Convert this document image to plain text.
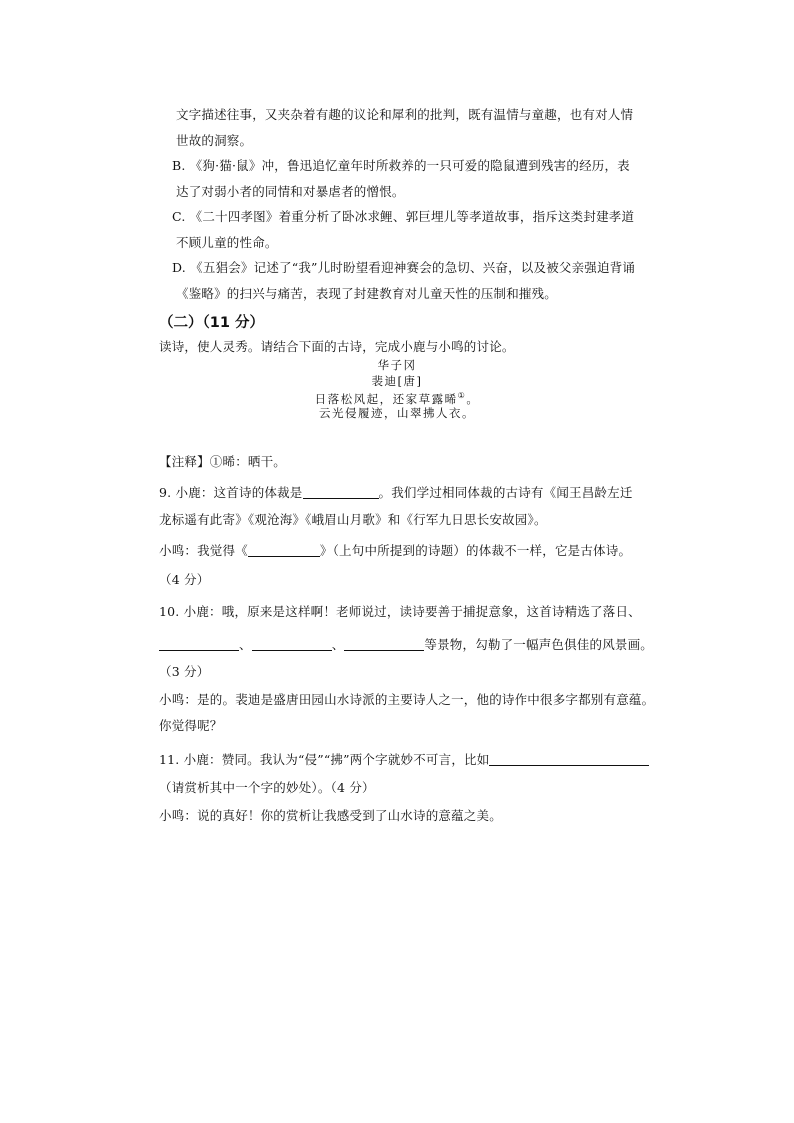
文字描述往事，又夹杂着有趣的议论和犀利的批判，既有温情与童趣，也有对人情
世故的洞察。
B. 《狗·猫·鼠》冲，鲁迅追忆童年时所救养的一只可爱的隐鼠遭到残害的经历，表
达了对弱小者的同情和对暴虐者的憎恨。
C. 《二十四孝图》着重分析了卧冰求鲤、郭巨埋儿等孝道故事，指斥这类封建孝道
不顾儿童的性命。
D. 《五猖会》记述了“我”儿时盼望看迎神赛会的急切、兴奋，以及被父亲强迫背诵
《鉴略》的扫兴与痛苦，表现了封建教育对儿童天性的压制和摧残。
（二）（11 分）
读诗，使人灵秀。请结合下面的古诗，完成小鹿与小鸣的讨论。
华子冈
裴迪[唐]
日落松风起，还家草露晞①。
云光侵履迹，山翠拂人衣。
【注释】①晞：晒干。
9. 小鹿：这首诗的体裁是	。我们学过相同体裁的古诗有《闻王昌龄左迁
龙标遥有此寄》《观沧海》《峨眉山月歌》和《行军九日思长安故园》。
小鸣：我觉得《	》（上句中所提到的诗题）的体裁不一样，它是古体诗。
（4 分）
10. 小鹿：哦，原来是这样啊！老师说过，读诗要善于捕捉意象，这首诗精选了落日、
、	、	等景物，勾勒了一幅声色俱佳的风景画。
（3 分）
小鸣：是的。裴迪是盛唐田园山水诗派的主要诗人之一，他的诗作中很多字都别有意蕴。
你觉得呢？
11. 小鹿：赞同。我认为“侵”“拂”两个字就妙不可言，比如
（请赏析其中一个字的妙处）。（4 分）
小鸣：说的真好！你的赏析让我感受到了山水诗的意蕴之美。
